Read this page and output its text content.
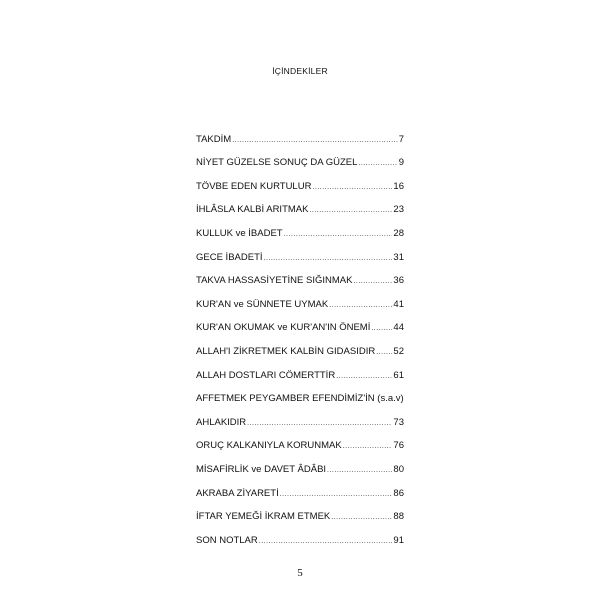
İÇİNDEKİLER
TAKDİM .....	7
NİYET GÜZELSE SONUÇ DA GÜZEL .....	9
TÖVBE EDEN KURTULUR .....	16
İHLÂSLA KALBİ ARITMAK .....	23
KULLUK ve İBADET .....	28
GECE İBADETİ .....	31
TAKVA HASSASİYETİNE SIĞINMAK .....	36
KUR'AN ve SÜNNETE UYMAK .....	41
KUR'AN OKUMAK ve KUR'AN'IN ÖNEMİ ..... 44
ALLAH'I ZİKRETMEK KALBİN GIDASIDIR ..... 52
ALLAH DOSTLARI CÖMERTTİR .....	61
AFFETMEK PEYGAMBER EFENDİMİZ'İN (s.a.v)
AHLAKIDIR .....	73
ORUÇ KALKANIYLA KORUNMAK .....	76
MİSAFİRLİK ve DAVET ÂDÂBI .....	80
AKRABA ZİYARETİ .....	86
İFTAR YEMEĞİ İKRAM ETMEK .....	88
SON NOTLAR .....	91
5
